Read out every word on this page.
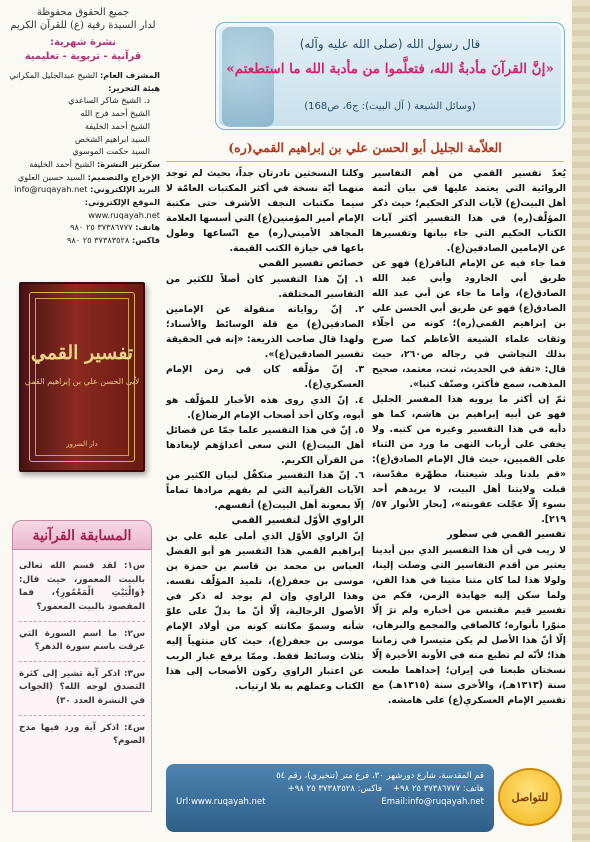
جميع الحقوق محفوظة
لدار السيدة رقية (ع) للقرآن الكريم
نشرة شهرية:
قرآنية - تربوية - تعليمية
المشرف العام: الشيخ عبدالجليل المكراني
هيئة التحرير:
د. الشيخ شاكر الساعدي
الشيخ أحمد فرج الله
الشيخ أحمد الخليفة
السيد ابراهيم الشخص
السيد حكمت الموسوي
سكرتير النشرة: الشيخ أحمد الخليفة
الإخراج والتصميم: السيد حسين العلوي
البريد الإلكتروني: info@ruqayah.net
الموقع الإلكتروني:
www.ruqayah.net
هاتف: ٣٧٣٨٦٧٧٧ ٢٥ ٩٨٠
فاكس: ٣٧٣٨٣٥٢٨ ٢٥ ٩٨٠
تفسير القمي
لأبي الحسن علي بن إبراهيم القمي
دار السرور
المسابقة القرآنية
س١: لقد قسم الله تعالى بالبيت المعمور، حيث قال: ﴿وَالْبَيْتِ الْمَعْمُورِ﴾، فما المقصود بالبيت المعمور؟
س٢: ما اسم السورة التي عرفت باسم سورة الدهر؟
س٣: اذكر آية تشير إلى كثرة التصدق لوجه الله؟ (الجواب في النشرة العدد ٣٠)
س٤: اذكر آية ورد فيها مدح الصوم؟
قال رسول الله (صلى الله عليه وآله)
«إنَّ القرآنَ مأدبةُ الله، فتعلَّموا من مأدبة الله ما استطعتم»
(وسائل الشيعة ( آل البيت): ج6، ص168)
العلاّمة الجليل أبو الحسن علي بن إبراهيم القمي(ره)

يُعدّ تفسير القمي من أهم التفاسير الروائية التي يعتمد عليها في بيان أئمة أهل البيت(ع) لآيات الذكر الحكيم؛ حيث ذكر المؤلّف(ره) في هذا التفسير أكثر آيات الكتاب الحكيم التي جاء بيانها وتفسيرها عن الإمامين الصادقين(ع).

فما جاء فيه عن الإمام الباقر(ع) فهو عن طريق أبي الجارود وأبي عبد الله الصادق(ع)، وأما ما جاء عن أبي عبد الله الصادق(ع) فهو عن طريق أبي الحسن علي بن إبراهيم القمي(ره)؛ كونه من أجلّاء وثقات علماء الشيعة الأعاظم كما صرح بذلك النجاشي في رجاله ص٢٦٠، حيث قال: «ثقة في الحديث، ثبت، معتمد، صحيح المذهب، سمع فأكثر، وصنّف كتبا».

ثمّ إن أكثر ما يرويه هذا المفسر الجليل فهو عن أبيه إبراهيم بن هاشم، كما هو دأبه في هذا التفسير وغيره من كتبه. ولا يخفى على أرباب النهى ما ورد من الثناء على القميين، حيث قال الإمام الصادق(ع): «قم بلدنا وبلد شيعتنا، مطهّرة مقدّسة، قبلت ولايتنا أهل البيت، لا يريدهم أحد بسوء إلّا عجّلت عقوبته»، [بحار الأنوار ٥٧/ ٢١٩].

تفسير القمي في سطور

لا ريب في أن هذا التفسير الذي بين أيدينا يعتبر من أقدم التفاسير التي وصلت إلينا، ولولا هذا لما كان متنا متينا في هذا الفن، ولما سكن إليه جهابذة الزمن، فكم من تفسير قيم مقتبس من أخباره ولم ترَ إلّا منوّرا بأنواره؛ كالصافي والمجمع والبرهان، إلّا أنّ هذا الأصل لم يكن متيسرا في زماننا هذا؛ لأنّه لم تطبع منه في الأونة الأخيرة إلّا نسختان طبعتا في إيران؛ إحداهما طبعت سنة (١٣١٣هـ)، والأخرى سنة (١٣١٥هـ) مع تفسير الإمام العسكري(ع) على هامشه.

وكلتا النسختين نادرتان جداً، بحيث لم توجد منهما أيّة نسخة في أكثر المكتبات العامّة لا سيما مكتبات النجف الأشرف حتى مكتبة الإمام أمير المؤمنين(ع) التي أسسها العلامة المجاهد الأميني(ره) مع اتّساعها وطول باعها في حيازة الكتب القيمة.

خصائص تفسير القمي

١. إنّ هذا التفسير كان أصلاً للكثير من التفاسير المختلفة.

٢. إنّ رواياته منقولة عن الإمامين الصادقين(ع) مع قلة الوسائط والأسناد؛ ولهذا قال صاحب الذريعة: «إنه في الحقيقة تفسير الصادقين(ع)».

٣. إنّ مؤلّفه كان في زمن الإمام العسكري(ع).

٤. إنّ الذي روى هذه الأخبار للمؤلّف هو أبوه، وكان أحد أصحاب الإمام الرضا(ع).

٥. إنّ في هذا التفسير علما جمّا عن فضائل أهل البيت(ع) التي سعى أعداؤهم لإبعادها من القرآن الكريم.

٦. إنّ هذا التفسير متكفّل لبيان الكثير من الآيات القرآنية التي لم يفهم مرادها تماماً إلّا بمعونة أهل البيت(ع) أنفسهم.

الراوي الأوّل لتفسير القمي

إنّ الراوي الأوّل الذي أملى عليه علي بن إبراهيم القمي هذا التفسير هو أبو الفضل العباس بن محمد بن قاسم بن حمزة بن موسى بن جعفر(ع)، تلميذ المؤلّف نفسه. وهذا الراوي وإن لم يوجد له ذكر في الأصول الرجالية، إلّا أنّ ما يدلّ على علوّ شأنه وسموّ مكانته كونه من أولاد الإمام موسى بن جعفر(ع)، حيث كان منتهياً إليه بثلاث وسائط فقط. وممّا يرفع غبار الريب عن اعتبار الراوي ركون الأصحاب إلى هذا الكتاب وعملهم به بلا ارتياب.

للتواصل
قم المقدسة، شارع دورشهر ٣٠، فرع متر (تنخيري)، رقم ٥٤
هاتف: ٣٧٣٨٦٧٧٧ ٢٥ ٩٨+    فاكس: ٣٧٣٨٣٥٢٨ ٢٥ ٩٨+
Url:www.ruqayah.net	Email:info@ruqayah.net
